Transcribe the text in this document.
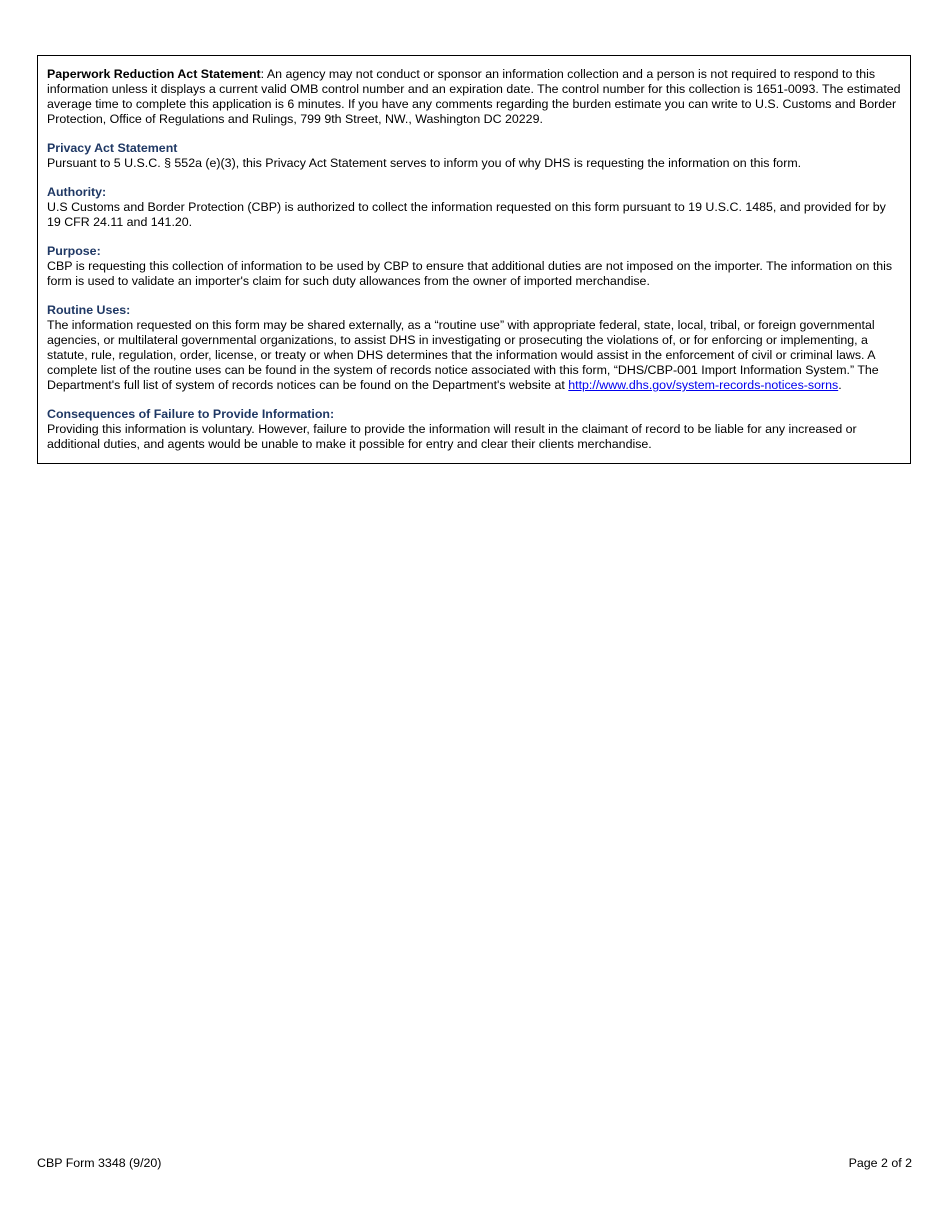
Paperwork Reduction Act Statement: An agency may not conduct or sponsor an information collection and a person is not required to respond to this information unless it displays a current valid OMB control number and an expiration date. The control number for this collection is 1651-0093. The estimated average time to complete this application is 6 minutes. If you have any comments regarding the burden estimate you can write to U.S. Customs and Border Protection, Office of Regulations and Rulings, 799 9th Street, NW., Washington DC 20229.

Privacy Act Statement

Pursuant to 5 U.S.C. § 552a (e)(3), this Privacy Act Statement serves to inform you of why DHS is requesting the information on this form.

Authority:

U.S Customs and Border Protection (CBP) is authorized to collect the information requested on this form pursuant to 19 U.S.C. 1485, and provided for by 19 CFR 24.11 and 141.20.

Purpose:

CBP is requesting this collection of information to be used by CBP to ensure that additional duties are not imposed on the importer. The information on this form is used to validate an importer's claim for such duty allowances from the owner of imported merchandise.

Routine Uses:

The information requested on this form may be shared externally, as a “routine use” with appropriate federal, state, local, tribal, or foreign governmental agencies, or multilateral governmental organizations, to assist DHS in investigating or prosecuting the violations of, or for enforcing or implementing, a statute, rule, regulation, order, license, or treaty or when DHS determines that the information would assist in the enforcement of civil or criminal laws. A complete list of the routine uses can be found in the system of records notice associated with this form, “DHS/CBP-001 Import Information System.” The Department's full list of system of records notices can be found on the Department's website at http://www.dhs.gov/system-records-notices-sorns.

Consequences of Failure to Provide Information:

Providing this information is voluntary. However, failure to provide the information will result in the claimant of record to be liable for any increased or additional duties, and agents would be unable to make it possible for entry and clear their clients merchandise.

CBP Form 3348 (9/20)	Page 2 of 2
